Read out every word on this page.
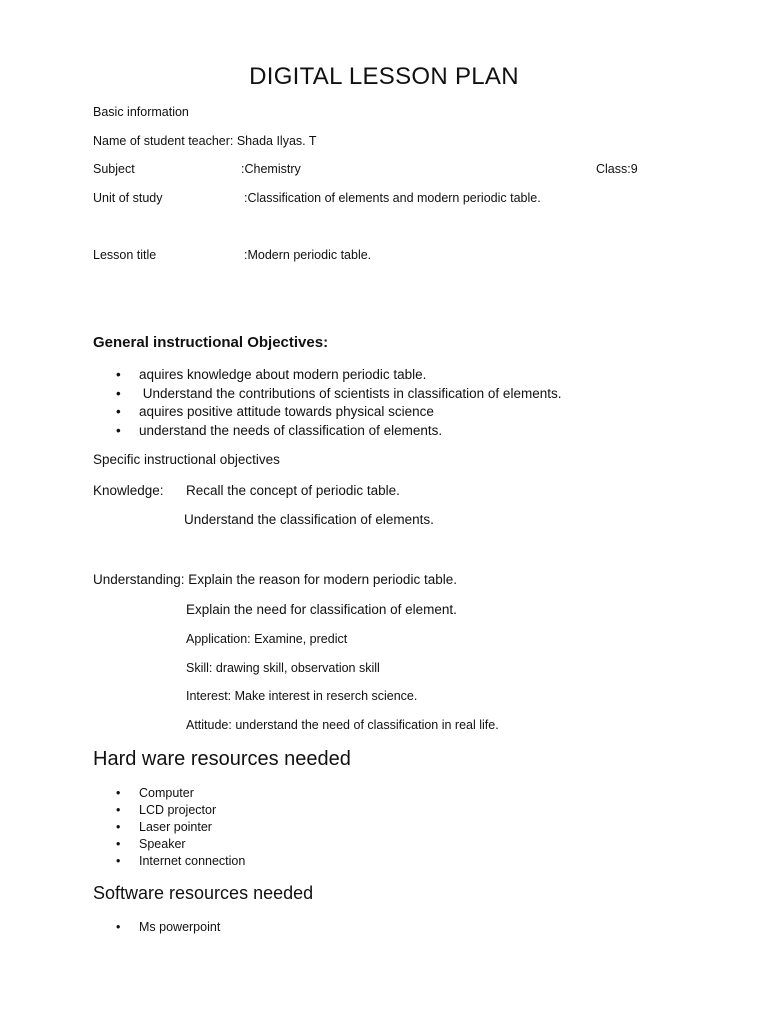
DIGITAL LESSON PLAN
Basic information
Name of student teacher: Shada Ilyas. T
Subject	:Chemistry	Class:9
Unit of study	:Classification of elements and modern periodic table.
Lesson title	:Modern periodic table.
General instructional Objectives:
• aquires knowledge about modern periodic table.
• Understand the contributions of scientists in classification of elements.
• aquires positive attitude towards physical science
• understand the needs of classification of elements.
Specific instructional objectives
Knowledge: Recall the concept of periodic table.
Understand the classification of elements.
Understanding: Explain the reason for modern periodic table.
Explain the need for classification of element.
Application: Examine, predict
Skill: drawing skill, observation skill
Interest: Make interest in reserch science.
Attitude: understand the need of classification in real life.
Hard ware resources needed
• Computer
• LCD projector
• Laser pointer
• Speaker
• Internet connection
Software resources needed
• Ms powerpoint
